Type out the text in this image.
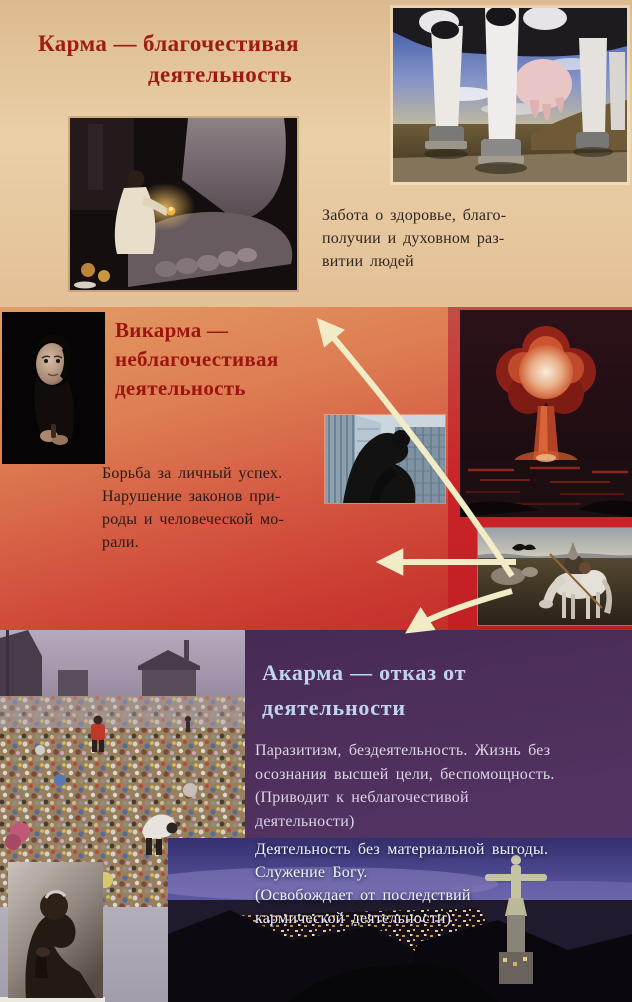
Карма — благочестивая
деятельность

Забота о здоровье, благо-
получии и духовном раз-
витии людей

Викарма —
неблагочестивая
деятельность

Борьба за личный успех.
Нарушение законов при-
роды и человеческой мо-
рали.

Акарма — отказ от
деятельности

Паразитизм, бездеятельность. Жизнь без
осознания высшей цели, беспомощность.
(Приводит к неблагочестивой
деятельности)

Деятельность без материальной выгоды.
Служение Богу.
(Освобождает от последствий
кармической деятельности)
